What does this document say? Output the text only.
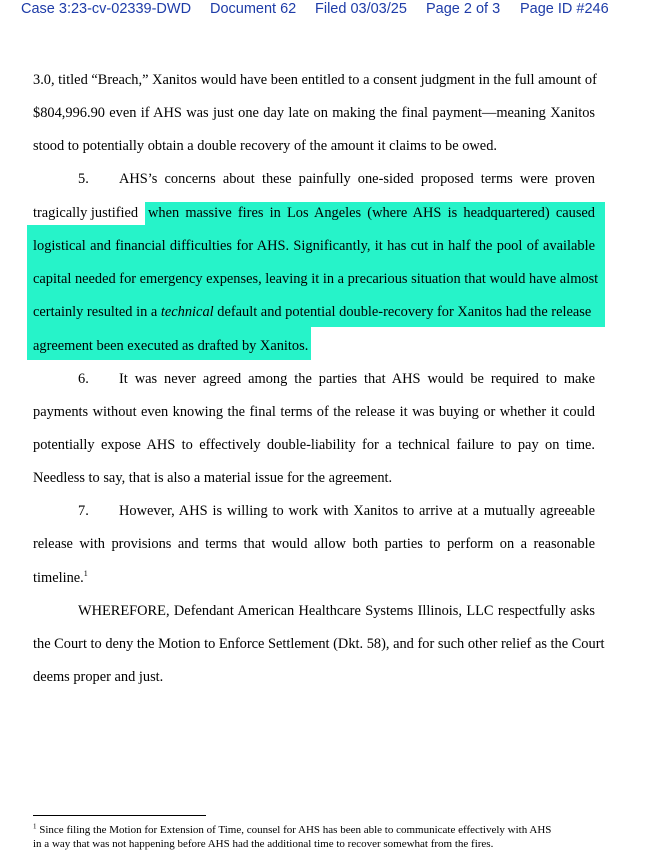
Case 3:23-cv-02339-DWD Document 62 Filed 03/03/25 Page 2 of 3 Page ID #246
3.0, titled “Breach,” Xanitos would have been entitled to a consent judgment in the full amount of
$804,996.90 even if AHS was just one day late on making the final payment—meaning Xanitos
stood to potentially obtain a double recovery of the amount it claims to be owed.
5. AHS’s concerns about these painfully one-sided proposed terms were proven
tragically justified when massive fires in Los Angeles (where AHS is headquartered) caused
logistical and financial difficulties for AHS. Significantly, it has cut in half the pool of available
capital needed for emergency expenses, leaving it in a precarious situation that would have almost
certainly resulted in a technical default and potential double-recovery for Xanitos had the release
agreement been executed as drafted by Xanitos.
6. It was never agreed among the parties that AHS would be required to make
payments without even knowing the final terms of the release it was buying or whether it could
potentially expose AHS to effectively double-liability for a technical failure to pay on time.
Needless to say, that is also a material issue for the agreement.
7. However, AHS is willing to work with Xanitos to arrive at a mutually agreeable
release with provisions and terms that would allow both parties to perform on a reasonable
timeline.$^1$
WHEREFORE, Defendant American Healthcare Systems Illinois, LLC respectfully asks
the Court to deny the Motion to Enforce Settlement (Dkt. 58), and for such other relief as the Court
deems proper and just.
$^1$ Since filing the Motion for Extension of Time, counsel for AHS has been able to communicate effectively with AHS
in a way that was not happening before AHS had the additional time to recover somewhat from the fires.
